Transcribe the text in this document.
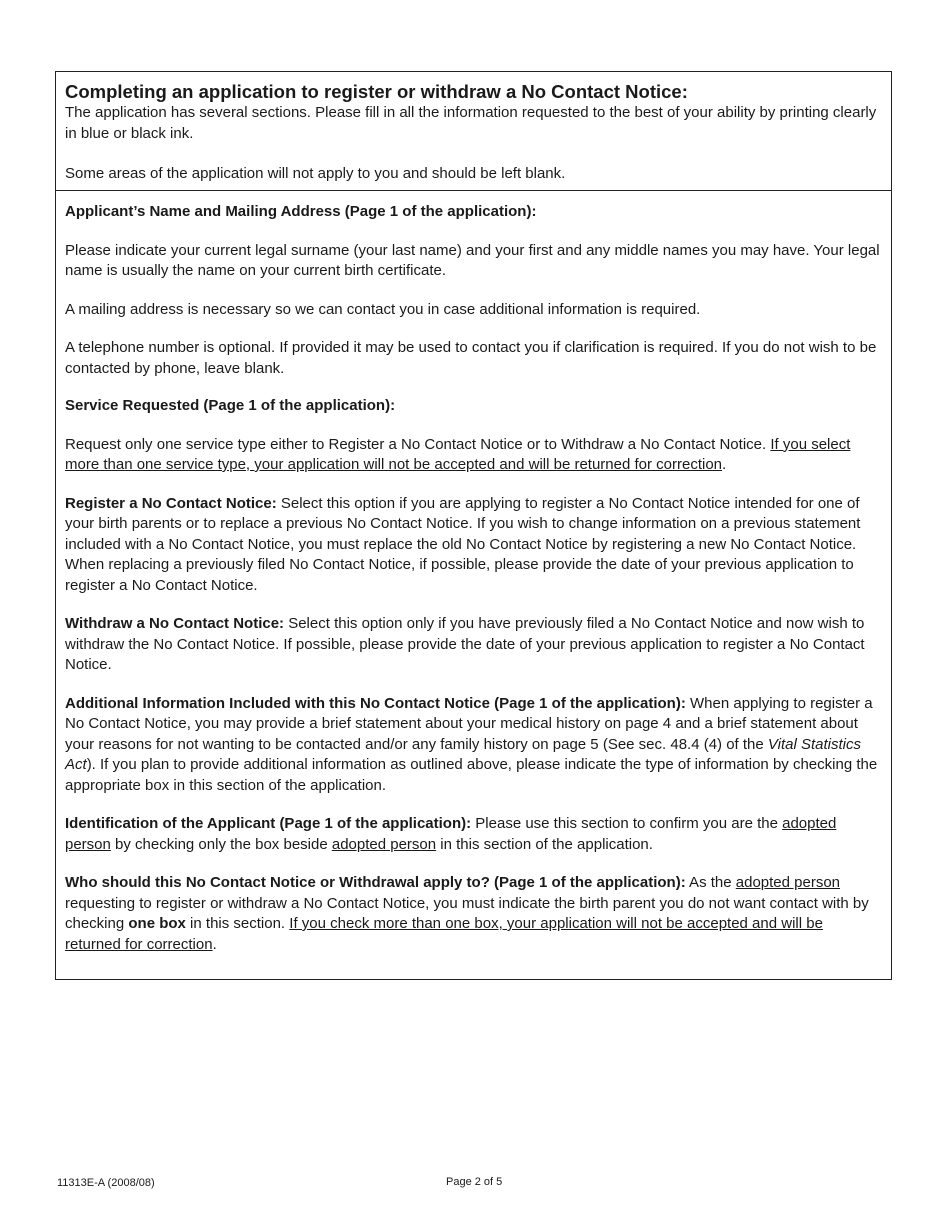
Completing an application to register or withdraw a No Contact Notice:

The application has several sections. Please fill in all the information requested to the best of your ability by printing clearly in blue or black ink.

Some areas of the application will not apply to you and should be left blank.

Applicant’s Name and Mailing Address (Page 1 of the application):

Please indicate your current legal surname (your last name) and your first and any middle names you may have. Your legal name is usually the name on your current birth certificate.

A mailing address is necessary so we can contact you in case additional information is required.

A telephone number is optional. If provided it may be used to contact you if clarification is required. If you do not wish to be contacted by phone, leave blank.

Service Requested (Page 1 of the application):

Request only one service type either to Register a No Contact Notice or to Withdraw a No Contact Notice. If you select more than one service type, your application will not be accepted and will be returned for correction.

Register a No Contact Notice: Select this option if you are applying to register a No Contact Notice intended for one of your birth parents or to replace a previous No Contact Notice. If you wish to change information on a previous statement included with a No Contact Notice, you must replace the old No Contact Notice by registering a new No Contact Notice. When replacing a previously filed No Contact Notice, if possible, please provide the date of your previous application to register a No Contact Notice.

Withdraw a No Contact Notice: Select this option only if you have previously filed a No Contact Notice and now wish to withdraw the No Contact Notice. If possible, please provide the date of your previous application to register a No Contact Notice.

Additional Information Included with this No Contact Notice (Page 1 of the application): When applying to register a No Contact Notice, you may provide a brief statement about your medical history on page 4 and a brief statement about your reasons for not wanting to be contacted and/or any family history on page 5 (See sec. 48.4 (4) of the Vital Statistics Act). If you plan to provide additional information as outlined above, please indicate the type of information by checking the appropriate box in this section of the application.

Identification of the Applicant (Page 1 of the application): Please use this section to confirm you are the adopted person by checking only the box beside adopted person in this section of the application.

Who should this No Contact Notice or Withdrawal apply to? (Page 1 of the application): As the adopted person requesting to register or withdraw a No Contact Notice, you must indicate the birth parent you do not want contact with by checking one box in this section. If you check more than one box, your application will not be accepted and will be returned for correction.

11313E-A (2008/08)	Page 2 of 5
